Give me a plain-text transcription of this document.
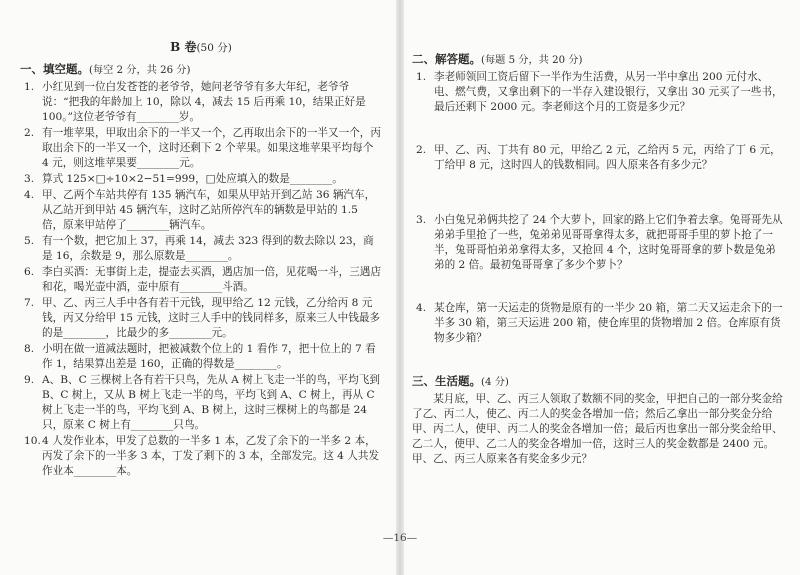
B 卷(50 分)
一、填空题。(每空 2 分，共 26 分)
1. 小红见到一位白发苍苍的老爷爷，她问老爷爷有多大年纪，老爷爷说：“把我的年龄加上 10，除以 4，减去 15 后再乘 10，结果正好是 100。”这位老爷爷有________岁。
2. 有一堆苹果，甲取出余下的一半又一个，乙再取出余下的一半又一个，丙取出余下的一半又一个，这时还剩下 2 个苹果。如果这堆苹果平均每个 4 元，则这堆苹果要________元。
3. 算式 125×□÷10×2−51=999，□处应填入的数是________。
4. 甲、乙两个车站共停有 135 辆汽车，如果从甲站开到乙站 36 辆汽车，从乙站开到甲站 45 辆汽车，这时乙站所停汽车的辆数是甲站的 1.5 倍，原来甲站停了________辆汽车。
5. 有一个数，把它加上 37，再乘 14，减去 323 得到的数去除以 23，商是 16，余数是 9，那么原数是________。
6. 李白买酒：无事街上走，提壶去买酒，遇店加一倍，见花喝一斗，三遇店和花，喝光壶中酒，壶中原有________斗酒。
7. 甲、乙、丙三人手中各有若干元钱，现甲给乙 12 元钱，乙分给丙 8 元钱，丙又分给甲 15 元钱，这时三人手中的钱同样多，原来三人中钱最多的是________，比最少的多________元。
8. 小明在做一道减法题时，把被减数个位上的 1 看作 7，把十位上的 7 看作 1，结果算出差是 160，正确的得数是________。
9. A、B、C 三棵树上各有若干只鸟，先从 A 树上飞走一半的鸟，平均飞到 B、C 树上，又从 B 树上飞走一半的鸟，平均飞到 A、C 树上，再从 C 树上飞走一半的鸟，平均飞到 A、B 树上，这时三棵树上的鸟都是 24 只，原来 C 树上有________只鸟。
10. 4 人发作业本，甲发了总数的一半多 1 本，乙发了余下的一半多 2 本，丙发了余下的一半多 3 本，丁发了剩下的 3 本，全部发完。这 4 人共发作业本________本。
二、解答题。(每题 5 分，共 20 分)
1. 李老师领回工资后留下一半作为生活费，从另一半中拿出 200 元付水、电、燃气费，又拿出剩下的一半存入建设银行，又拿出 30 元买了一些书，最后还剩下 2000 元。李老师这个月的工资是多少元？
2. 甲、乙、丙、丁共有 80 元，甲给乙 2 元，乙给丙 5 元，丙给了丁 6 元，丁给甲 8 元，这时四人的钱数相同。四人原来各有多少元？
3. 小白兔兄弟俩共挖了 24 个大萝卜，回家的路上它们争着去拿。兔哥哥先从弟弟手里抢了一些，兔弟弟见哥哥拿得太多，就把哥哥手里的萝卜抢了一半，兔哥哥怕弟弟拿得太多，又抢回 4 个，这时兔哥哥拿的萝卜数是兔弟弟的 2 倍。最初兔哥哥拿了多少个萝卜？
4. 某仓库，第一天运走的货物是原有的一半少 20 箱，第二天又运走余下的一半多 30 箱，第三天运进 200 箱，使仓库里的货物增加 2 倍。仓库原有货物多少箱？
三、生活题。(4 分)
某月底，甲、乙、丙三人领取了数额不同的奖金，甲把自己的一部分奖金给了乙、丙二人，使乙、丙二人的奖金各增加一倍；然后乙拿出一部分奖金分给甲、丙二人，使甲、丙二人的奖金各增加一倍；最后丙也拿出一部分奖金给甲、乙二人，使甲、乙二人的奖金各增加一倍，这时三人的奖金数都是 2400 元。甲、乙、丙三人原来各有奖金多少元？
—16—
